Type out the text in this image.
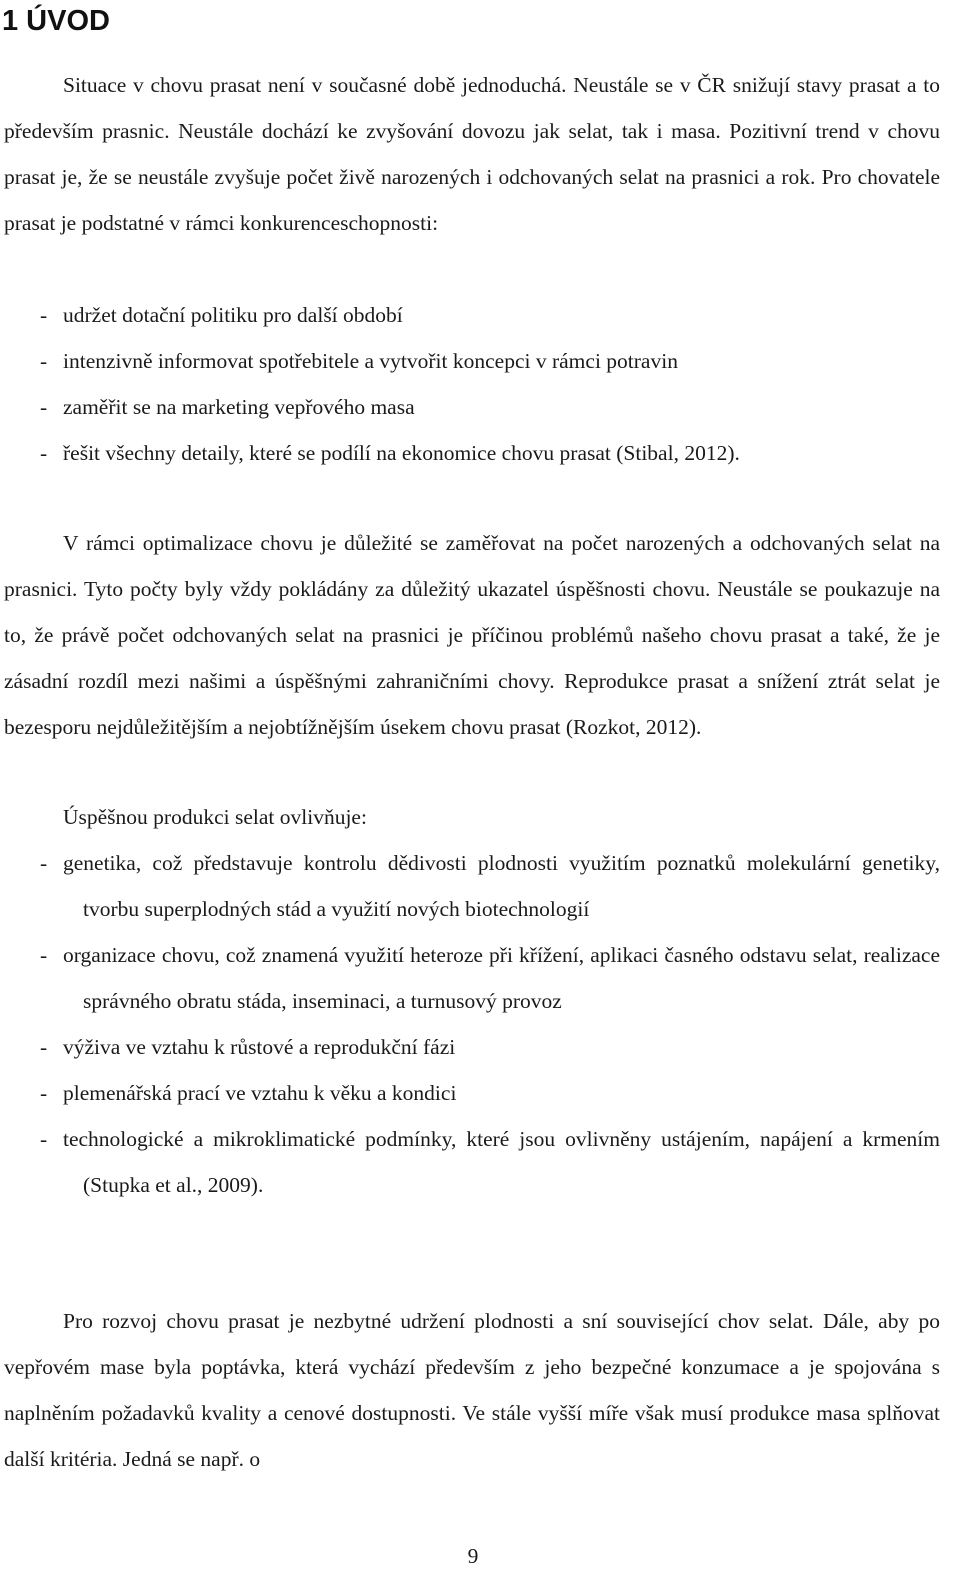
1 ÚVOD

Situace v chovu prasat není v současné době jednoduchá. Neustále se v ČR snižují stavy prasat a to především prasnic. Neustále dochází ke zvyšování dovozu jak selat, tak i masa. Pozitivní trend v chovu prasat je, že se neustále zvyšuje počet živě narozených i odchovaných selat na prasnici a rok. Pro chovatele prasat je podstatné v rámci konkurenceschopnosti:

- udržet dotační politiku pro další období
- intenzivně informovat spotřebitele a vytvořit koncepci v rámci potravin
- zaměřit se na marketing vepřového masa
- řešit všechny detaily, které se podílí na ekonomice chovu prasat (Stibal, 2012).

V rámci optimalizace chovu je důležité se zaměřovat na počet narozených a odchovaných selat na prasnici. Tyto počty byly vždy pokládány za důležitý ukazatel úspěšnosti chovu. Neustále se poukazuje na to, že právě počet odchovaných selat na prasnici je příčinou problémů našeho chovu prasat a také, že je zásadní rozdíl mezi našimi a úspěšnými zahraničními chovy. Reprodukce prasat a snížení ztrát selat je bezesporu nejdůležitějším a nejobtížnějším úsekem chovu prasat (Rozkot, 2012).

Úspěšnou produkci selat ovlivňuje:

- genetika, což představuje kontrolu dědivosti plodnosti využitím poznatků molekulární genetiky, tvorbu superplodných stád a využití nových biotechnologií
- organizace chovu, což znamená využití heteroze při křížení, aplikaci časného odstavu selat, realizace správného obratu stáda, inseminaci, a turnusový provoz
- výživa ve vztahu k růstové a reprodukční fázi
- plemenářská prací ve vztahu k věku a kondici
- technologické a mikroklimatické podmínky, které jsou ovlivněny ustájením, napájení a krmením (Stupka et al., 2009).

Pro rozvoj chovu prasat je nezbytné udržení plodnosti a sní související chov selat. Dále, aby po vepřovém mase byla poptávka, která vychází především z jeho bezpečné konzumace a je spojována s naplněním požadavků kvality a cenové dostupnosti. Ve stále vyšší míře však musí produkce masa splňovat další kritéria. Jedná se např. o

9
